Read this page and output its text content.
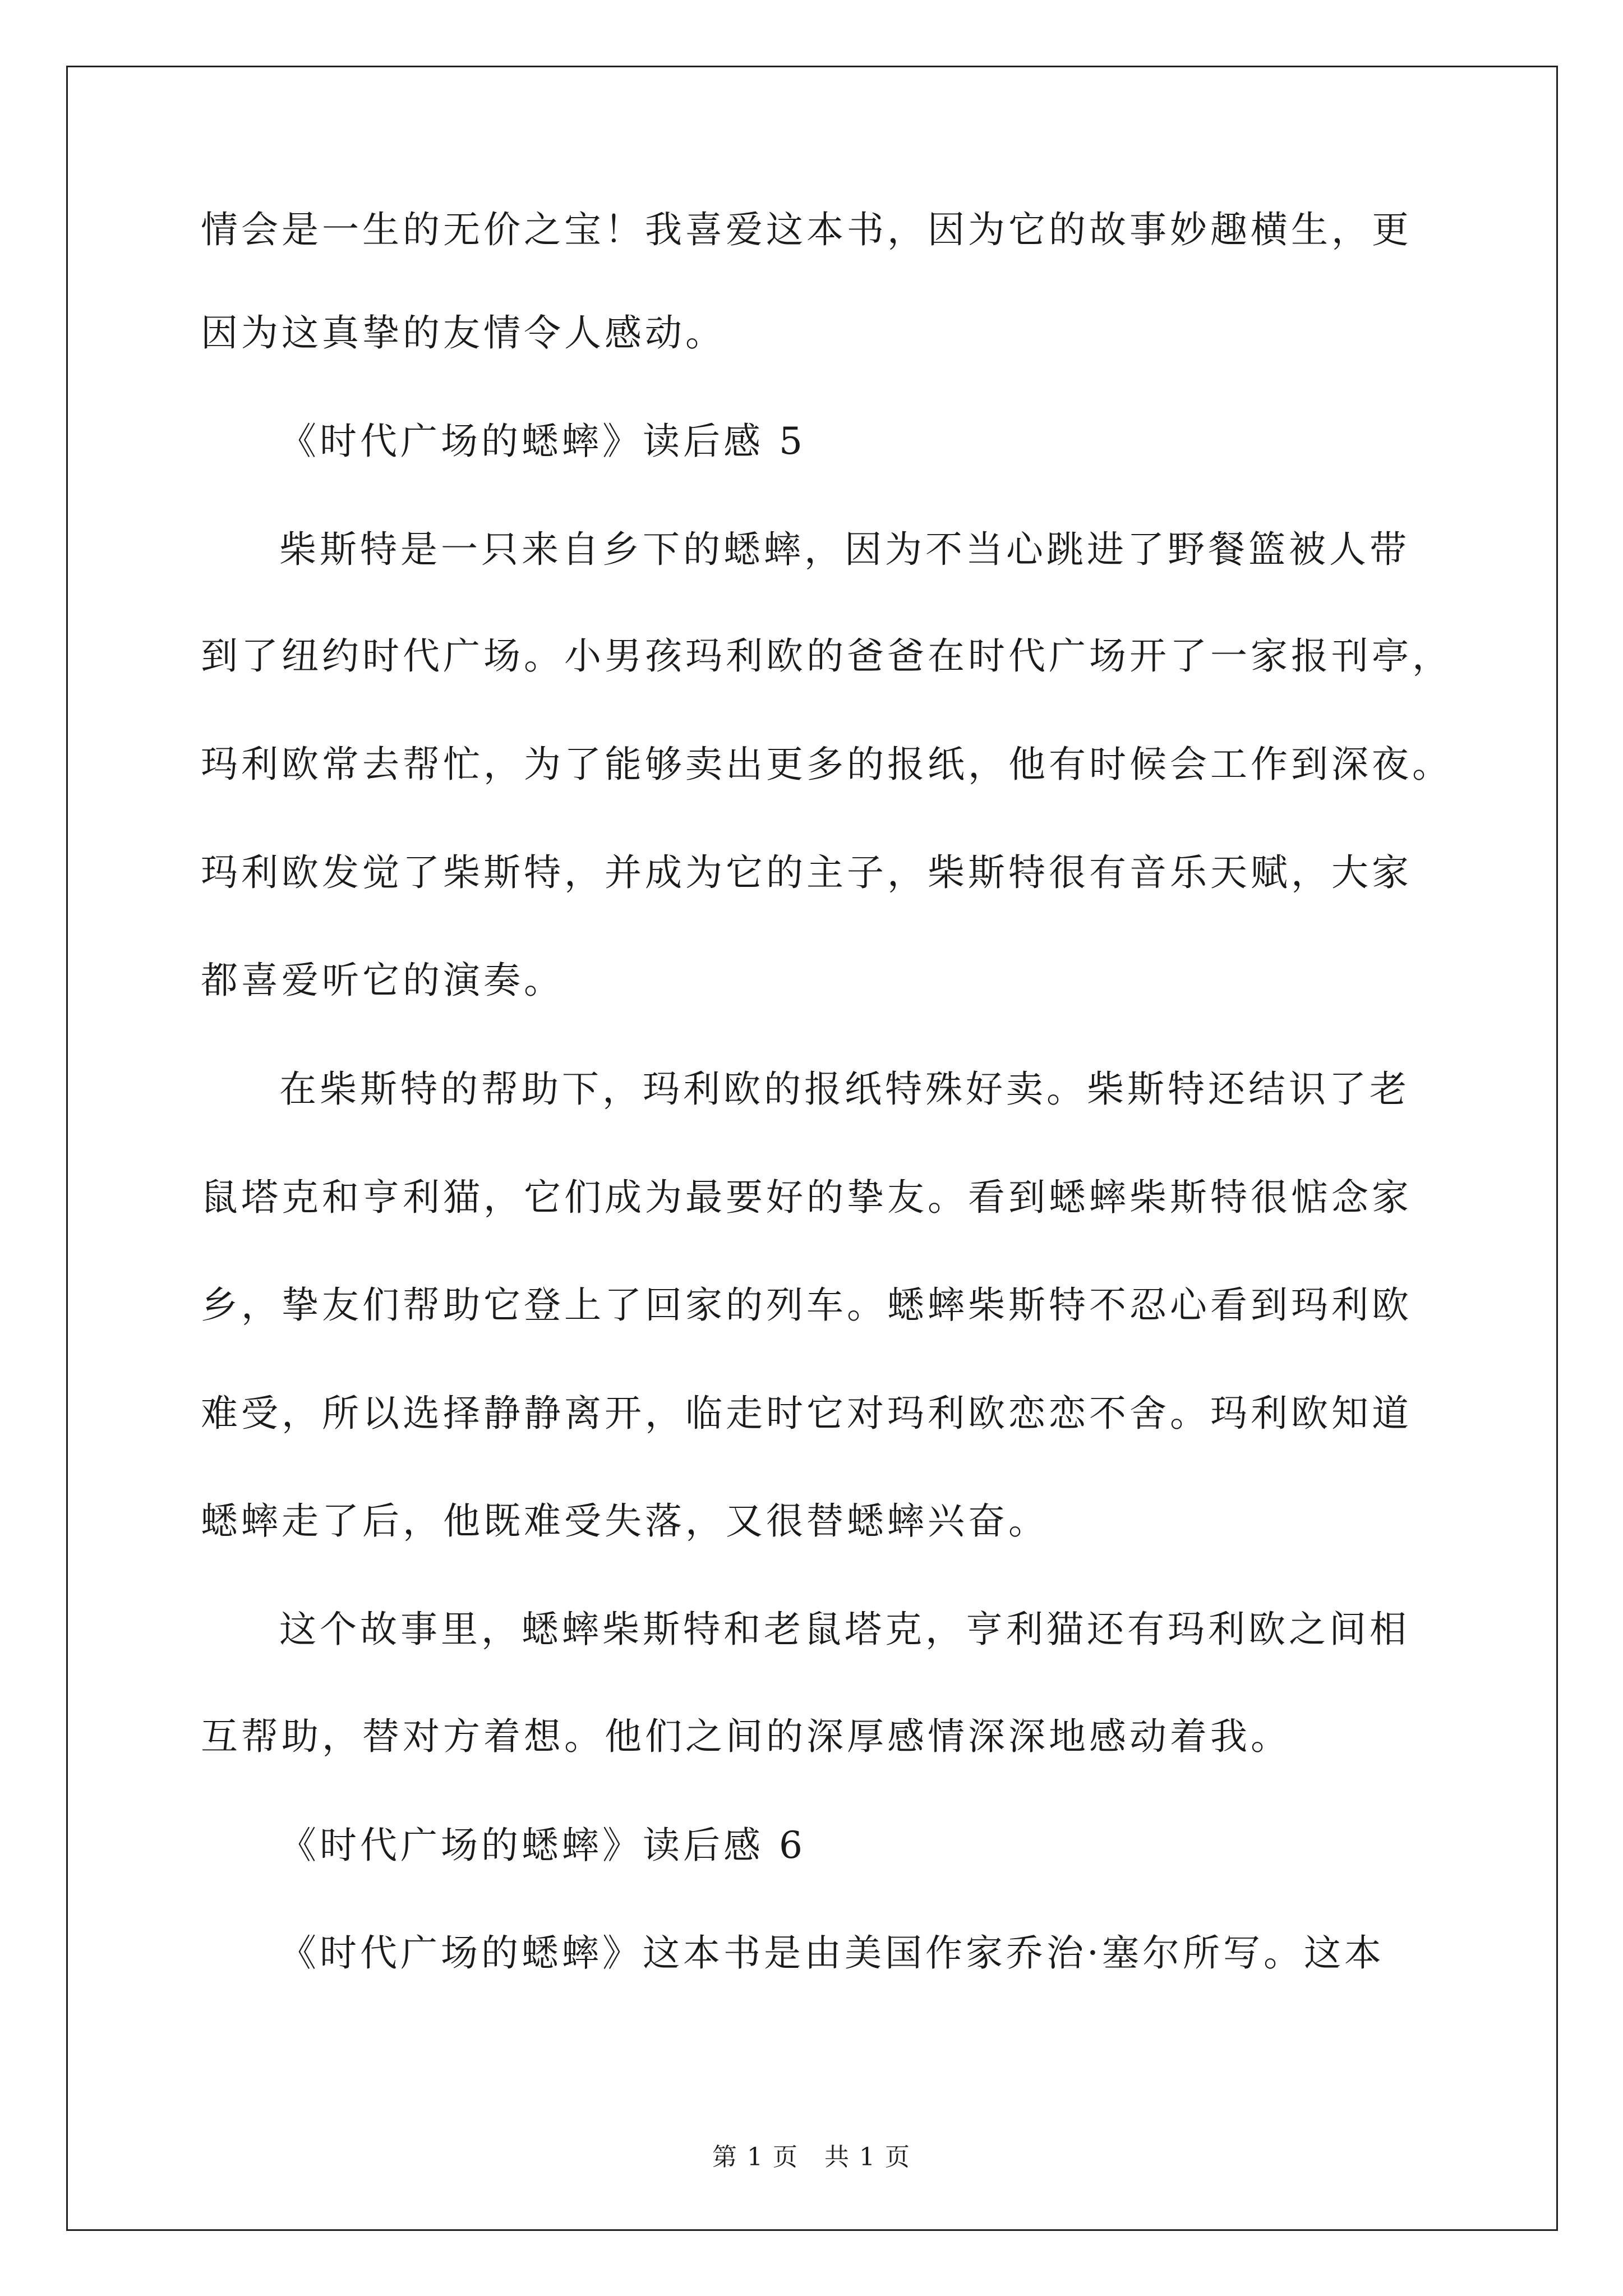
情会是一生的无价之宝！我喜爱这本书，因为它的故事妙趣横生，更
因为这真挚的友情令人感动。
《时代广场的蟋蟀》读后感 5
柴斯特是一只来自乡下的蟋蟀，因为不当心跳进了野餐篮被人带
到了纽约时代广场。小男孩玛利欧的爸爸在时代广场开了一家报刊亭，
玛利欧常去帮忙，为了能够卖出更多的报纸，他有时候会工作到深夜。
玛利欧发觉了柴斯特，并成为它的主子，柴斯特很有音乐天赋，大家
都喜爱听它的演奏。
在柴斯特的帮助下，玛利欧的报纸特殊好卖。柴斯特还结识了老
鼠塔克和亨利猫，它们成为最要好的挚友。看到蟋蟀柴斯特很惦念家
乡，挚友们帮助它登上了回家的列车。蟋蟀柴斯特不忍心看到玛利欧
难受，所以选择静静离开，临走时它对玛利欧恋恋不舍。玛利欧知道
蟋蟀走了后，他既难受失落，又很替蟋蟀兴奋。
这个故事里，蟋蟀柴斯特和老鼠塔克，亨利猫还有玛利欧之间相
互帮助，替对方着想。他们之间的深厚感情深深地感动着我。
《时代广场的蟋蟀》读后感 6
《时代广场的蟋蟀》这本书是由美国作家乔治·塞尔所写。这本
第 1 页　共 1 页
